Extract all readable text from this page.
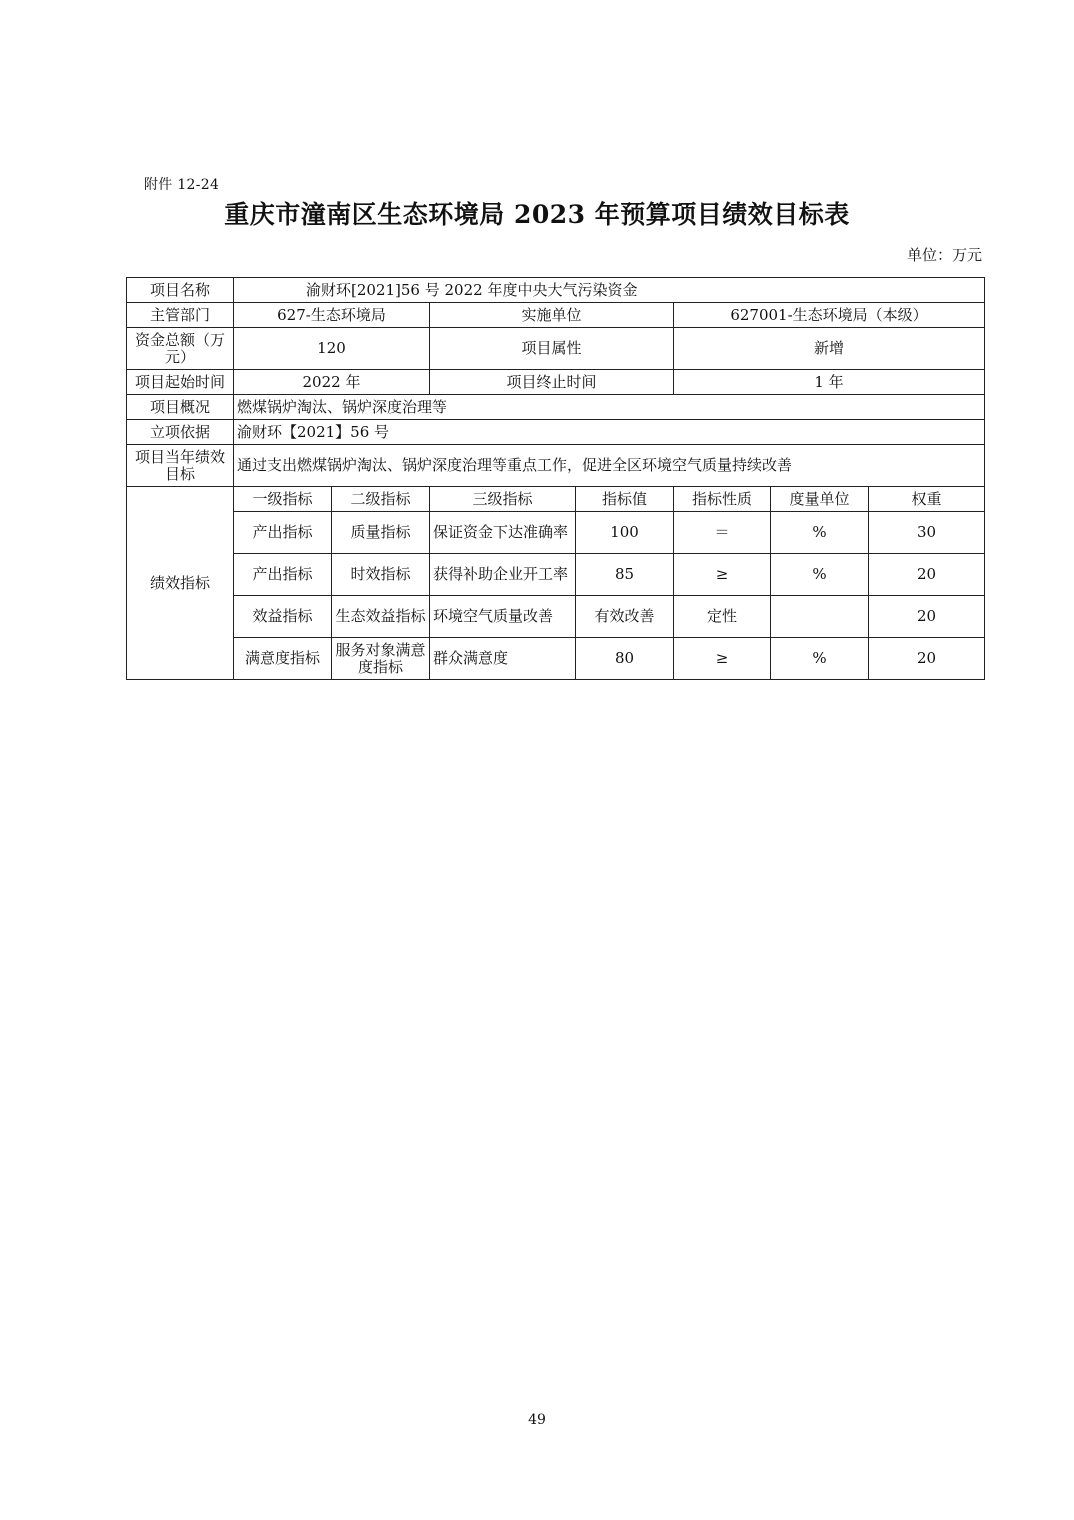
附件 12-24
重庆市潼南区生态环境局 2023 年预算项目绩效目标表
单位：万元
项目名称	渝财环[2021]56 号 2022 年度中央大气污染资金						
主管部门	627-生态环境局		实施单位		627001-生态环境局（本级）		
资金总额（万元）	120		项目属性		新增		
项目起始时间	2022 年		项目终止时间		1 年		
项目概况	燃煤锅炉淘汰、锅炉深度治理等						
立项依据	渝财环【2021】56 号						
项目当年绩效目标	通过支出燃煤锅炉淘汰、锅炉深度治理等重点工作，促进全区环境空气质量持续改善						
绩效指标	一级指标	二级指标	三级指标	指标值	指标性质	度量单位	权重
	产出指标	质量指标	保证资金下达准确率	100	＝	%	30
	产出指标	时效指标	获得补助企业开工率	85	≥	%	20
	效益指标	生态效益指标	环境空气质量改善	有效改善	定性		20
	满意度指标	服务对象满意度指标	群众满意度	80	≥	%	20
49
